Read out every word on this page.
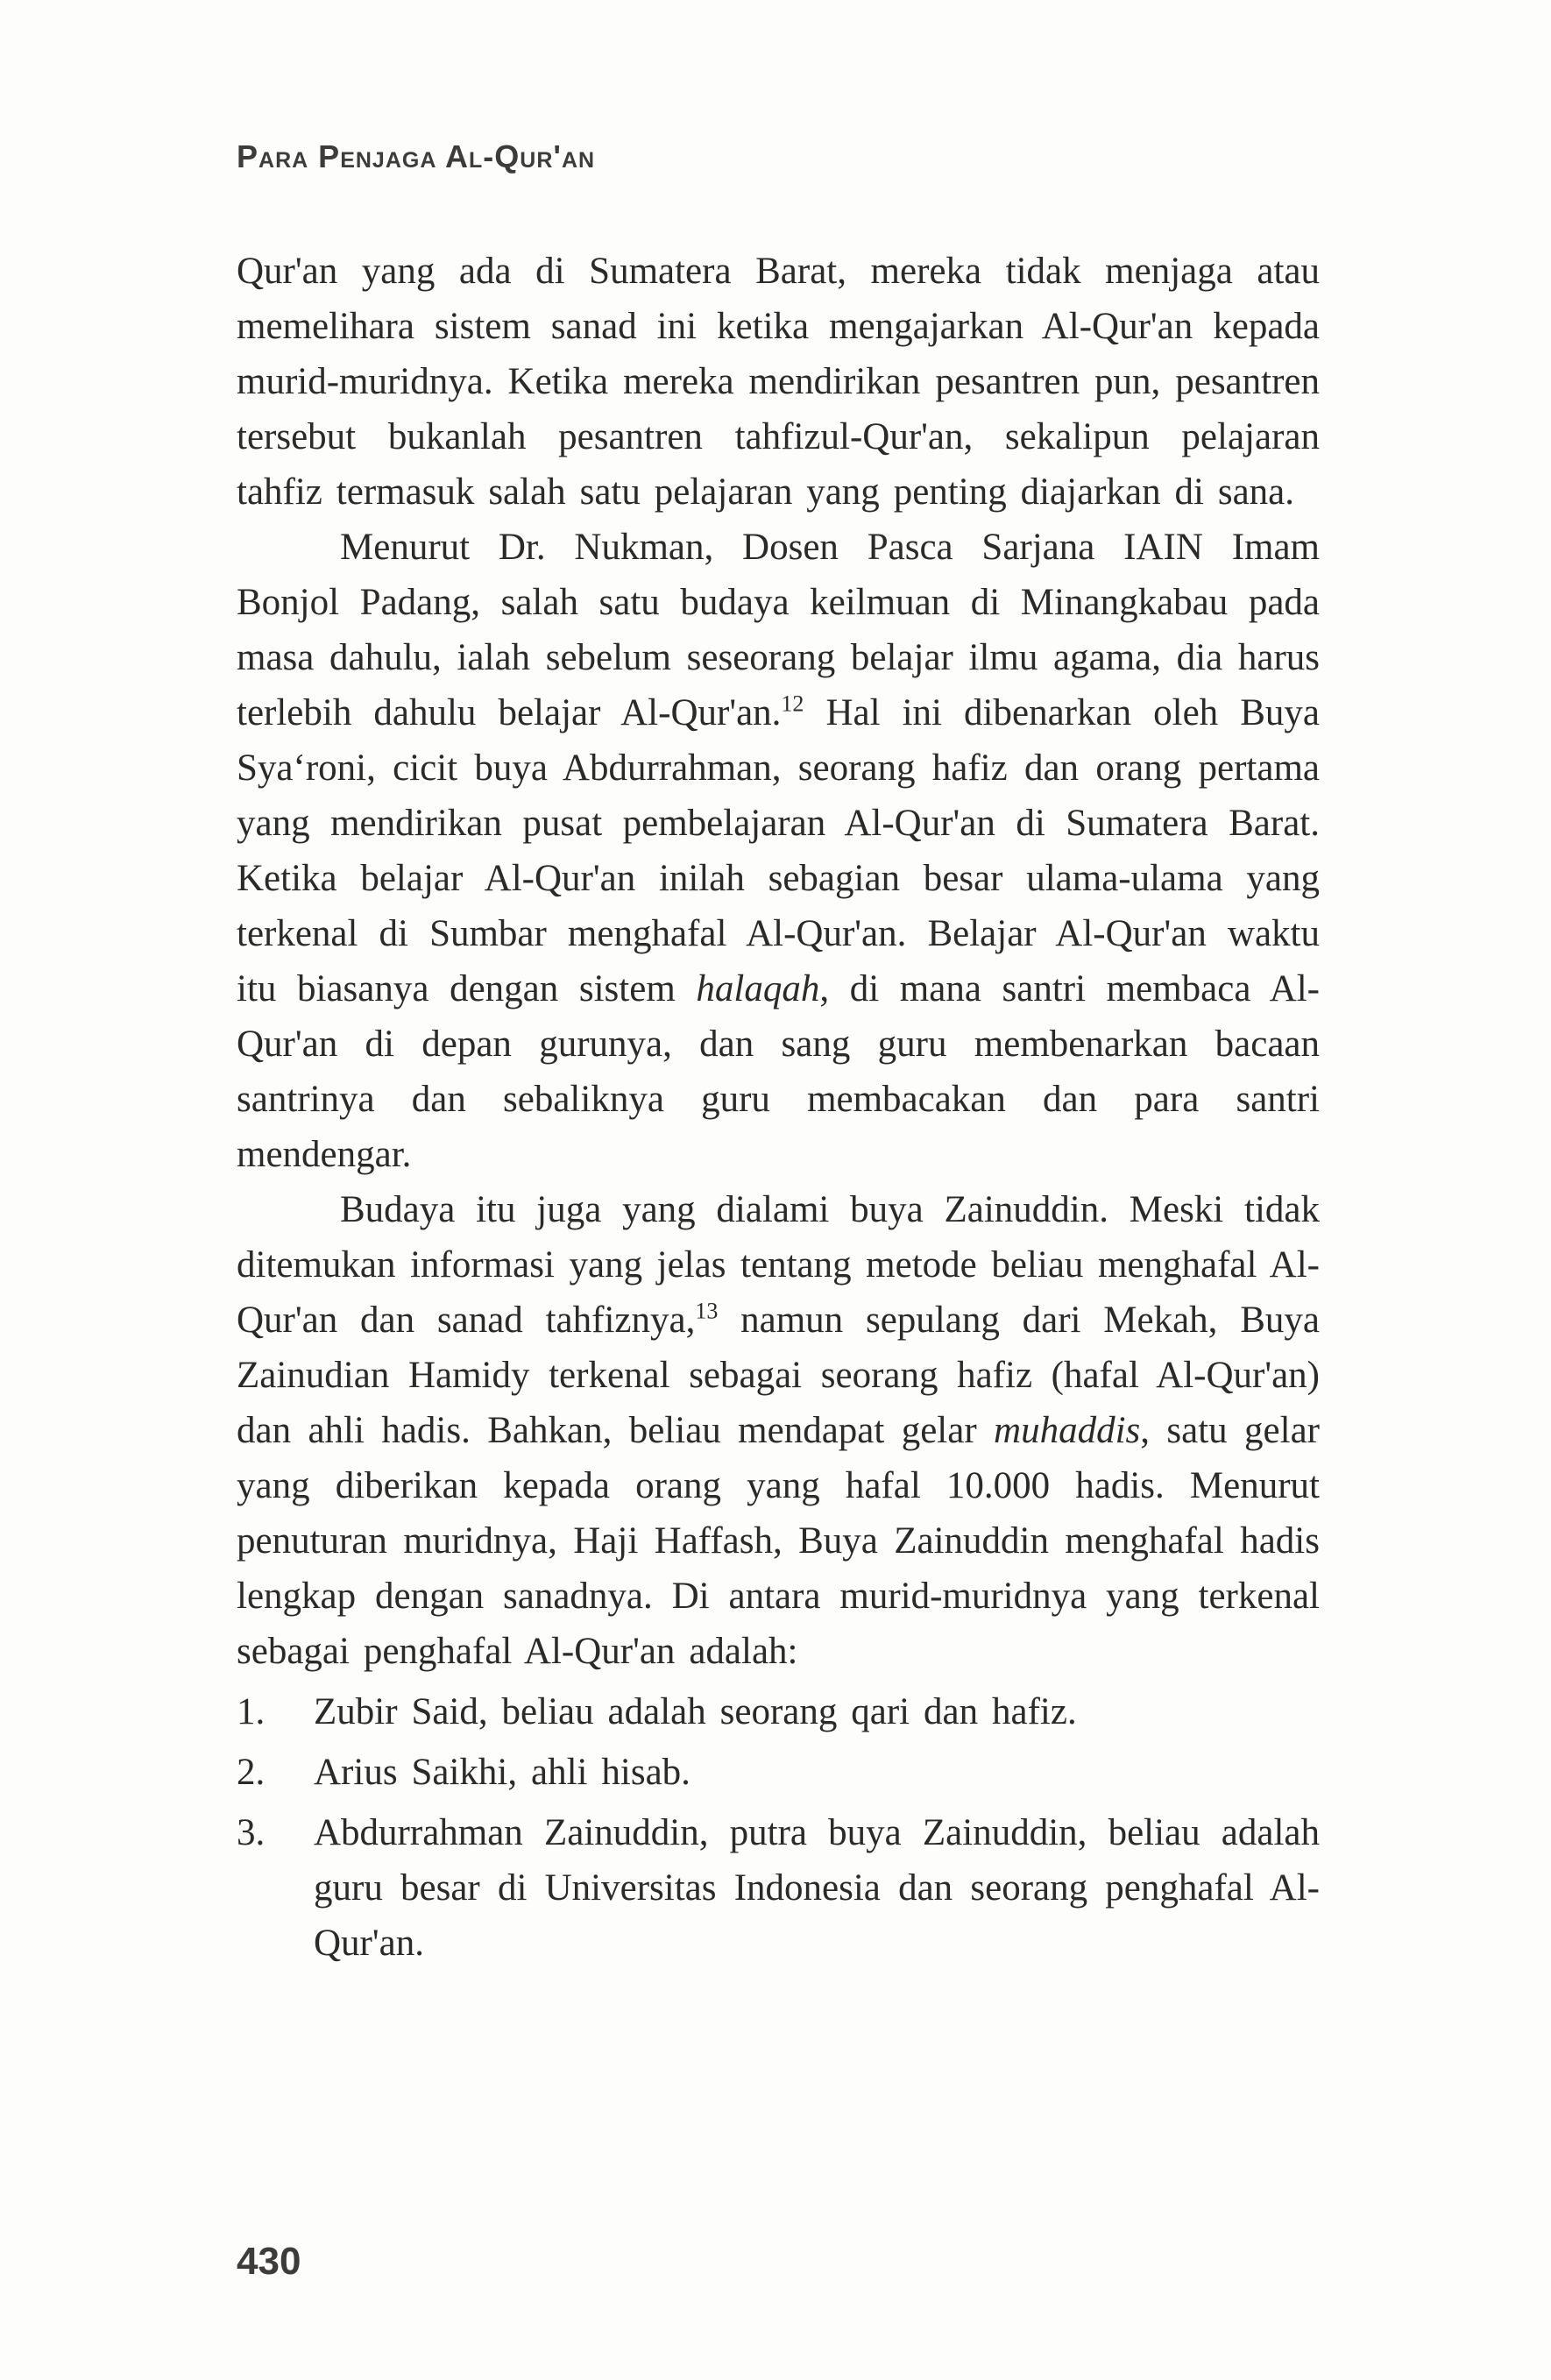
Para Penjaga Al-Qur'an

Qur'an yang ada di Sumatera Barat, mereka tidak menjaga atau memelihara sistem sanad ini ketika mengajarkan Al-Qur'an kepada murid-muridnya. Ketika mereka mendirikan pesantren pun, pesantren tersebut bukanlah pesantren tahfizul-Qur'an, sekalipun pelajaran tahfiz termasuk salah satu pelajaran yang penting diajarkan di sana.

Menurut Dr. Nukman, Dosen Pasca Sarjana IAIN Imam Bonjol Padang, salah satu budaya keilmuan di Minangkabau pada masa dahulu, ialah sebelum seseorang belajar ilmu agama, dia harus terlebih dahulu belajar Al-Qur'an.$^{12}$ Hal ini dibenarkan oleh Buya Sya‘roni, cicit buya Abdurrahman, seorang hafiz dan orang pertama yang mendirikan pusat pembelajaran Al-Qur'an di Sumatera Barat. Ketika belajar Al-Qur'an inilah sebagian besar ulama-ulama yang terkenal di Sumbar menghafal Al-Qur'an. Belajar Al-Qur'an waktu itu biasanya dengan sistem halaqah, di mana santri membaca Al-Qur'an di depan gurunya, dan sang guru membenarkan bacaan santrinya dan sebaliknya guru membacakan dan para santri mendengar.

Budaya itu juga yang dialami buya Zainuddin. Meski tidak ditemukan informasi yang jelas tentang metode beliau menghafal Al-Qur'an dan sanad tahfiznya,$^{13}$ namun sepulang dari Mekah, Buya Zainudian Hamidy terkenal sebagai seorang hafiz (hafal Al-Qur'an) dan ahli hadis. Bahkan, beliau mendapat gelar muhaddis, satu gelar yang diberikan kepada orang yang hafal 10.000 hadis. Menurut penuturan muridnya, Haji Haffash, Buya Zainuddin menghafal hadis lengkap dengan sanadnya. Di antara murid-muridnya yang terkenal sebagai penghafal Al-Qur'an adalah:

1. Zubir Said, beliau adalah seorang qari dan hafiz.
2. Arius Saikhi, ahli hisab.
3. Abdurrahman Zainuddin, putra buya Zainuddin, beliau adalah guru besar di Universitas Indonesia dan seorang penghafal Al-Qur'an.
430
